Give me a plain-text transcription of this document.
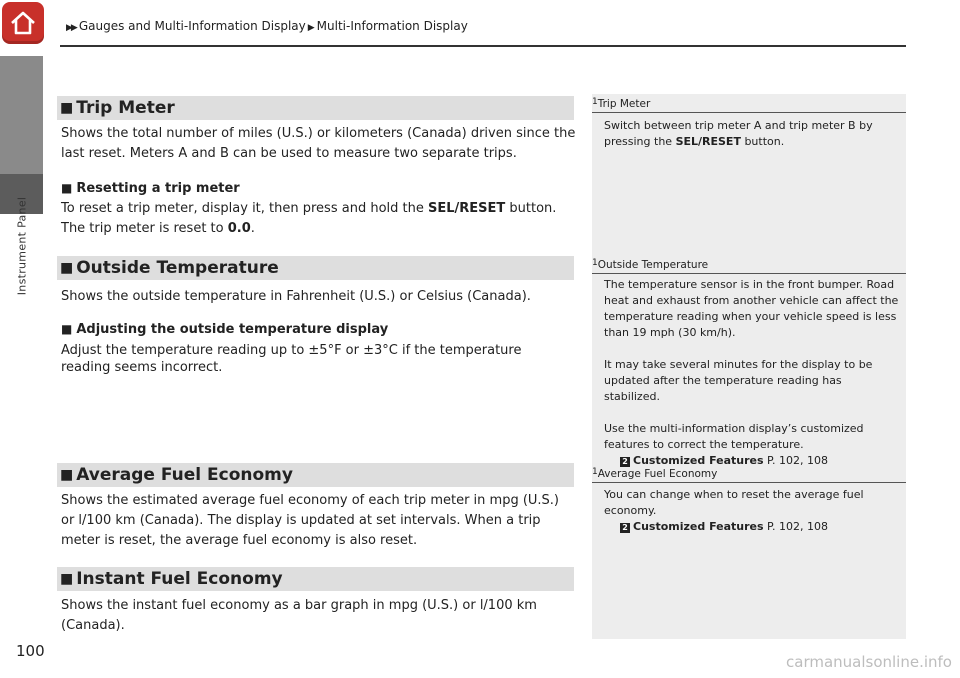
▶▶ Gauges and Multi-Information Display ▶ Multi-Information Display
Instrument Panel
100
■ Trip Meter
Shows the total number of miles (U.S.) or kilometers (Canada) driven since the last reset. Meters A and B can be used to measure two separate trips.
■ Resetting a trip meter
To reset a trip meter, display it, then press and hold the SEL/RESET button. The trip meter is reset to 0.0.
■ Outside Temperature
Shows the outside temperature in Fahrenheit (U.S.) or Celsius (Canada).
■ Adjusting the outside temperature display
Adjust the temperature reading up to ±5°F or ±3°C if the temperature reading seems incorrect.
■ Average Fuel Economy
Shows the estimated average fuel economy of each trip meter in mpg (U.S.) or l/100 km (Canada). The display is updated at set intervals. When a trip meter is reset, the average fuel economy is also reset.
■ Instant Fuel Economy
Shows the instant fuel economy as a bar graph in mpg (U.S.) or l/100 km (Canada).
1Trip Meter
Switch between trip meter A and trip meter B by pressing the SEL/RESET button.
1Outside Temperature
The temperature sensor is in the front bumper. Road heat and exhaust from another vehicle can affect the temperature reading when your vehicle speed is less than 19 mph (30 km/h).
It may take several minutes for the display to be updated after the temperature reading has stabilized.
Use the multi-information display’s customized features to correct the temperature.
2 Customized Features P. 102, 108
1Average Fuel Economy
You can change when to reset the average fuel economy.
2 Customized Features P. 102, 108
carmanualsonline.info
